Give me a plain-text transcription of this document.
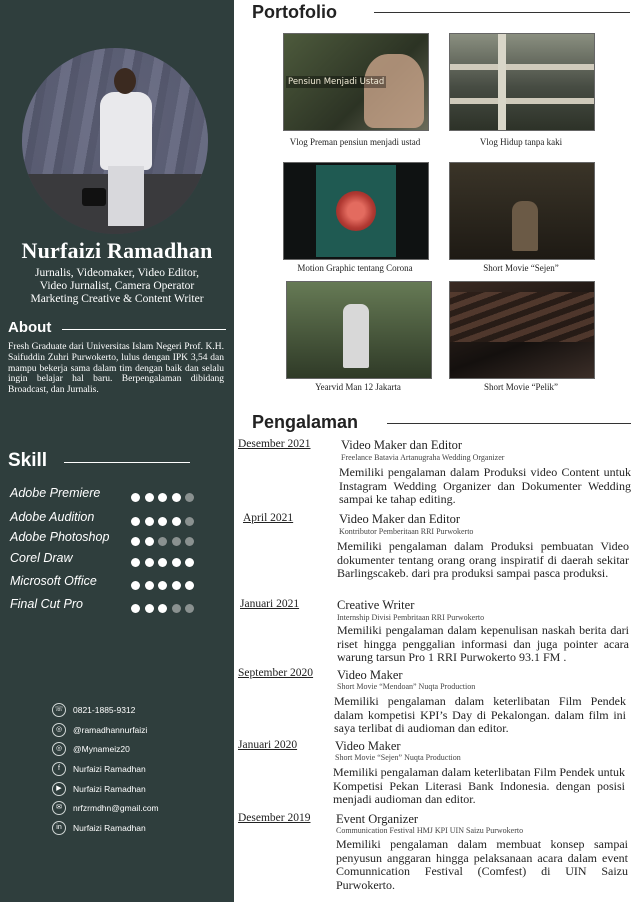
Nurfaizi Ramadhan
Jurnalis, Videomaker, Video Editor,
Video Jurnalist, Camera Operator
Marketing Creative & Content Writer
About
Fresh Graduate dari Universitas Islam Negeri Prof. K.H. Saifuddin Zuhri Purwokerto, lulus dengan IPK 3,54 dan mampu bekerja sama dalam tim dengan baik dan selalu ingin belajar hal baru. Berpengalaman dibidang Broadcast, dan Jurnalis.
Skill
Adobe Premiere
Adobe Audition
Adobe Photoshop
Corel Draw
Microsoft Office
Final Cut Pro
☏	0821-1885-9312
◎	@ramadhannurfaizi
◎	@Mynameiz20
f	Nurfaizi Ramadhan
▶	Nurfaizi Ramadhan
✉	nrfzrmdhn@gmail.com
in	Nurfaizi Ramadhan
Portofolio
Pensiun Menjadi Ustad
Vlog Preman pensiun menjadi ustad	Vlog Hidup tanpa kaki
Motion Graphic tentang Corona	Short Movie “Sejen”
Yearvid Man 12 Jakarta	Short Movie “Pelik”
Pengalaman
Desember 2021 Video Maker dan Editor
Freelance Batavia Artanugraha Wedding Organizer
Memiliki pengalaman dalam Produksi video Content untuk Instagram Wedding Organizer dan Dokumenter Wedding sampai ke tahap editing.
April 2021	Video Maker dan Editor
Kontributor Pemberitaan RRI Purwokerto
Memiliki pengalaman dalam Produksi pembuatan Video dokumenter tentang orang orang inspiratif di daerah sekitar Barlingscakeb. dari pra produksi sampai pasca produksi.
Januari 2021	Creative Writer
Internship Divisi Pembritaan RRI Purwokerto
Memiliki pengalaman dalam kepenulisan naskah berita dari riset hingga penggalian informasi dan juga pointer acara warung tarsun Pro 1 RRI Purwokerto 93.1 FM .
September 2020 Video Maker
Short Movie “Mendoan” Nuqta Production
Memiliki pengalaman dalam keterlibatan Film Pendek dalam kompetisi KPI’s Day di Pekalongan. dalam film ini saya terlibat di audioman dan editor.
Januari 2020	Video Maker
Short Movie “Sejen” Nuqta Production
Memiliki pengalaman dalam keterlibatan Film Pendek untuk Kompetisi Pekan Literasi Bank Indonesia. dengan posisi menjadi audioman dan editor.
Desember 2019 Event Organizer
Communication Festival HMJ KPI UIN Saizu Purwokerto
Memiliki pengalaman dalam membuat konsep sampai penyusun anggaran hingga pelaksanaan acara dalam event Comunnication Festival (Comfest) di UIN Saizu Purwokerto.
